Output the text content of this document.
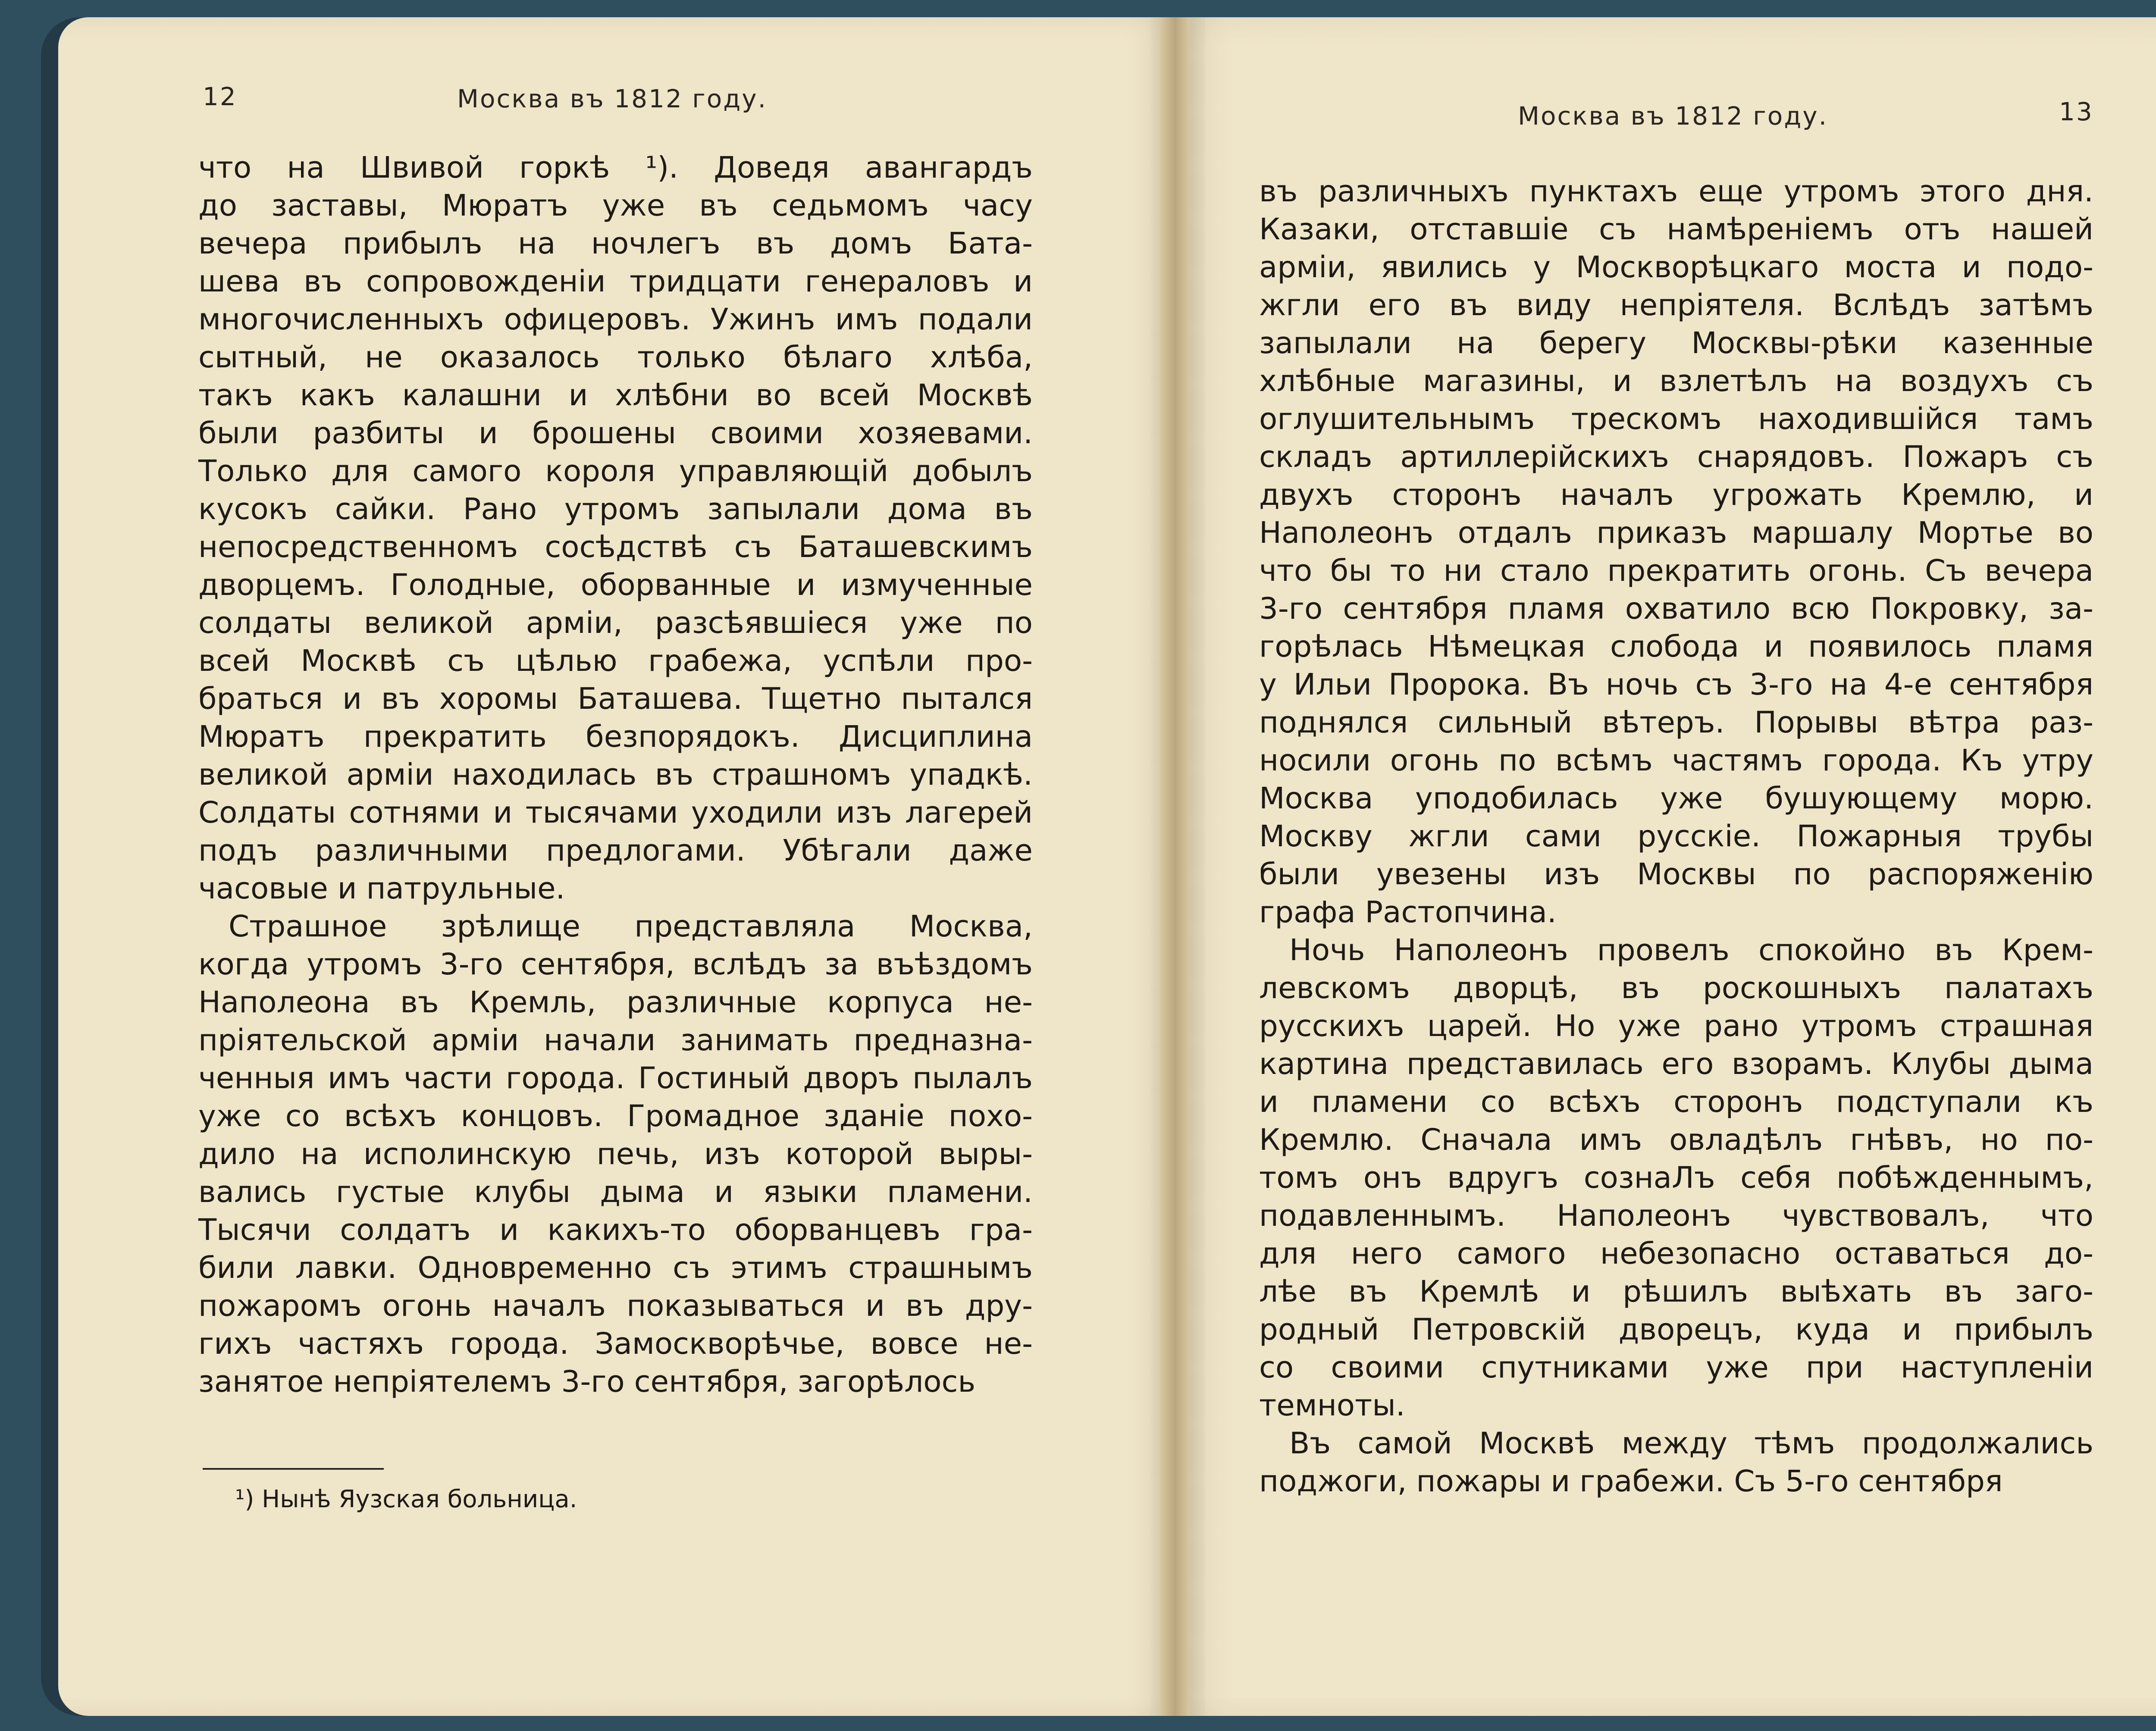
12	Москва въ 1812 году.
что на Швивой горкѣ ¹). Доведя авангардъ
до заставы, Мюратъ уже въ седьмомъ часу
вечера прибылъ на ночлегъ въ домъ Бата-
шева въ сопровожденіи тридцати генераловъ и
многочисленныхъ офицеровъ. Ужинъ имъ подали
сытный, не оказалось только бѣлаго хлѣба,
такъ какъ калашни и хлѣбни во всей Москвѣ
были разбиты и брошены своими хозяевами.
Только для самого короля управляющій добылъ
кусокъ сайки. Рано утромъ запылали дома въ
непосредственномъ сосѣдствѣ съ Баташевскимъ
дворцемъ. Голодные, оборванные и измученные
солдаты великой арміи, разсѣявшіеся уже по
всей Москвѣ съ цѣлью грабежа, успѣли про-
браться и въ хоромы Баташева. Тщетно пытался
Мюратъ прекратить безпорядокъ. Дисциплина
великой арміи находилась въ страшномъ упадкѣ.
Солдаты сотнями и тысячами уходили изъ лагерей
подъ различными предлогами. Убѣгали даже
часовые и патрульные.
Страшное зрѣлище представляла Москва,
когда утромъ 3-го сентября, вслѣдъ за въѣздомъ
Наполеона въ Кремль, различные корпуса не-
пріятельской арміи начали занимать предназна-
ченныя имъ части города. Гостиный дворъ пылалъ
уже со всѣхъ концовъ. Громадное зданіе похо-
дило на исполинскую печь, изъ которой выры-
вались густые клубы дыма и языки пламени.
Тысячи солдатъ и какихъ-то оборванцевъ гра-
били лавки. Одновременно съ этимъ страшнымъ
пожаромъ огонь началъ показываться и въ дру-
гихъ частяхъ города. Замоскворѣчье, вовсе не-
занятое непріятелемъ 3-го сентября, загорѣлось
¹) Нынѣ Яузская больница.
Москва въ 1812 году.	13
въ различныхъ пунктахъ еще утромъ этого дня.
Казаки, отставшіе съ намѣреніемъ отъ нашей
арміи, явились у Москворѣцкаго моста и подо-
жгли его въ виду непріятеля. Вслѣдъ затѣмъ
запылали на берегу Москвы-рѣки казенные
хлѣбные магазины, и взлетѣлъ на воздухъ съ
оглушительнымъ трескомъ находившійся тамъ
складъ артиллерійскихъ снарядовъ. Пожаръ съ
двухъ сторонъ началъ угрожать Кремлю, и
Наполеонъ отдалъ приказъ маршалу Мортье во
что бы то ни стало прекратить огонь. Съ вечера
3-го сентября пламя охватило всю Покровку, за-
горѣлась Нѣмецкая слобода и появилось пламя
у Ильи Пророка. Въ ночь съ 3-го на 4-е сентября
поднялся сильный вѣтеръ. Порывы вѣтра раз-
носили огонь по всѣмъ частямъ города. Къ утру
Москва уподобилась уже бушующему морю.
Москву жгли сами русскіе. Пожарныя трубы
были увезены изъ Москвы по распоряженію
графа Растопчина.
Ночь Наполеонъ провелъ спокойно въ Крем-
левскомъ дворцѣ, въ роскошныхъ палатахъ
русскихъ царей. Но уже рано утромъ страшная
картина представилась его взорамъ. Клубы дыма
и пламени со всѣхъ сторонъ подступали къ
Кремлю. Сначала имъ овладѣлъ гнѣвъ, но по-
томъ онъ вдругъ сознаЛъ себя побѣжденнымъ,
подавленнымъ. Наполеонъ чувствовалъ, что
для него самого небезопасно оставаться до-
лѣе въ Кремлѣ и рѣшилъ выѣхать въ заго-
родный Петровскій дворецъ, куда и прибылъ
со своими спутниками уже при наступленіи
темноты.
Въ самой Москвѣ между тѣмъ продолжались
поджоги, пожары и грабежи. Съ 5-го сентября
